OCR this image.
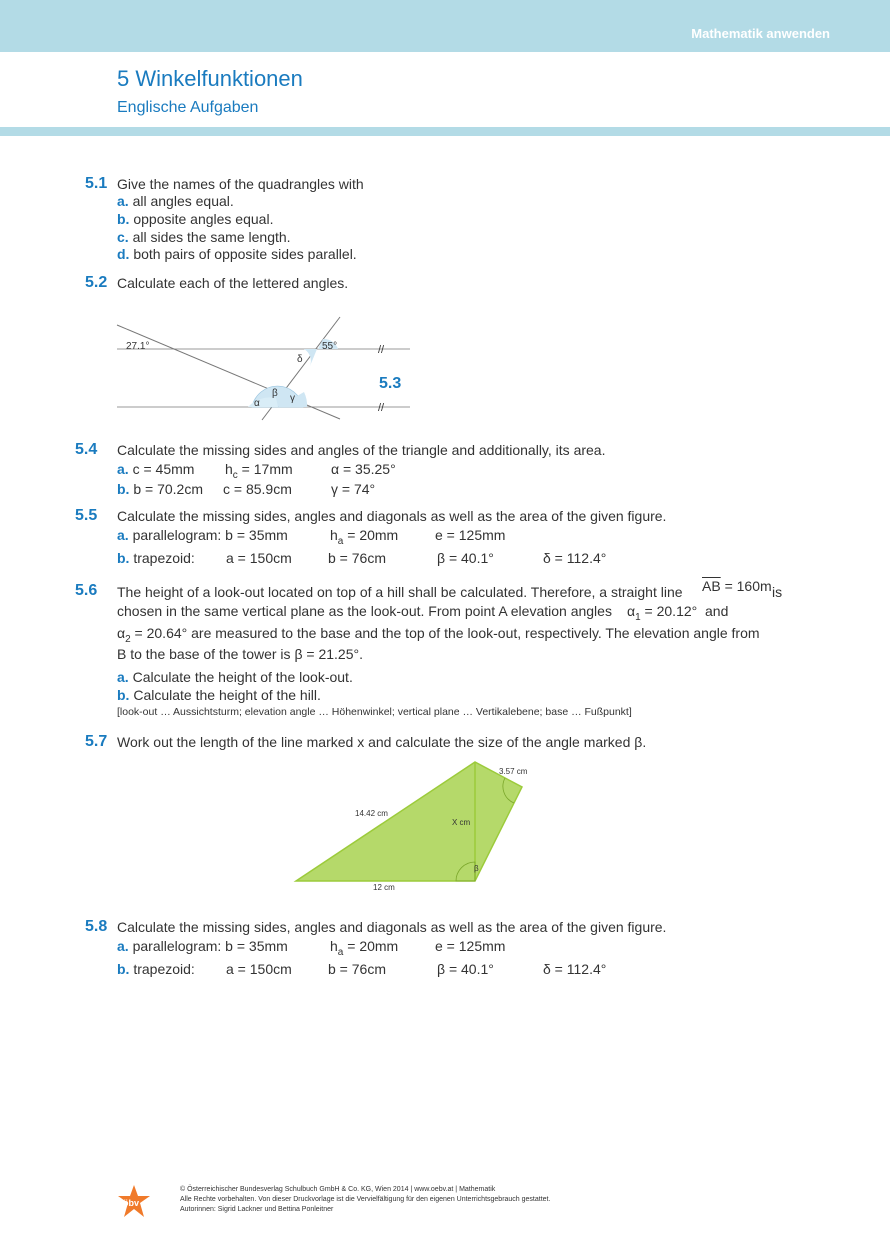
Mathematik anwenden
5 Winkelfunktionen
Englische Aufgaben
5.1 Give the names of the quadrangles with
a. all angles equal.
b. opposite angles equal.
c. all sides the same length.
d. both pairs of opposite sides parallel.
5.2 Calculate each of the lettered angles.
27.1°	55°
δ
β
α	γ
//
//
5.3
5.4 Calculate the missing sides and angles of the triangle and additionally, its area.
a. c = 45mm $h_c = 17mm$	α = 35.25°
b. b = 70.2cm c = 85.9cm	γ = 74°
5.5 Calculate the missing sides, angles and diagonals as well as the area of the given figure.
a. parallelogram: b = 35mm	$h_a = 20mm$	e = 125mm
b. trapezoid: a = 150cm	b = 76cm	β = 40.1°	δ = 112.4°
5.6 The height of a look-out located on top of a hill shall be calculated. Therefore, a straight line $\overline{AB} = 160m$ is
chosen in the same vertical plane as the look-out. From point A elevation angles $\alpha_1 = 20.12^\circ$ and
$\alpha_2 = 20.64^\circ$ are measured to the base and the top of the look-out, respectively. The elevation angle from
B to the base of the tower is β = 21.25°.
a. Calculate the height of the look-out.
b. Calculate the height of the hill.
[look-out … Aussichtsturm; elevation angle … Höhenwinkel; vertical plane … Vertikalebene; base … Fußpunkt]
5.7 Work out the length of the line marked x and calculate the size of the angle marked β.
3.57 cm
14.42 cm
X cm
12 cm
β
5.8 Calculate the missing sides, angles and diagonals as well as the area of the given figure.
a. parallelogram: b = 35mm	$h_a = 20mm$	e = 125mm
b. trapezoid: a = 150cm	b = 76cm	β = 40.1°	δ = 112.4°
öbv
© Österreichischer Bundesverlag Schulbuch GmbH & Co. KG, Wien 2014 | www.oebv.at | Mathematik
Alle Rechte vorbehalten. Von dieser Druckvorlage ist die Vervielfältigung für den eigenen Unterrichtsgebrauch gestattet.
Autorinnen: Sigrid Lackner und Bettina Ponleitner
